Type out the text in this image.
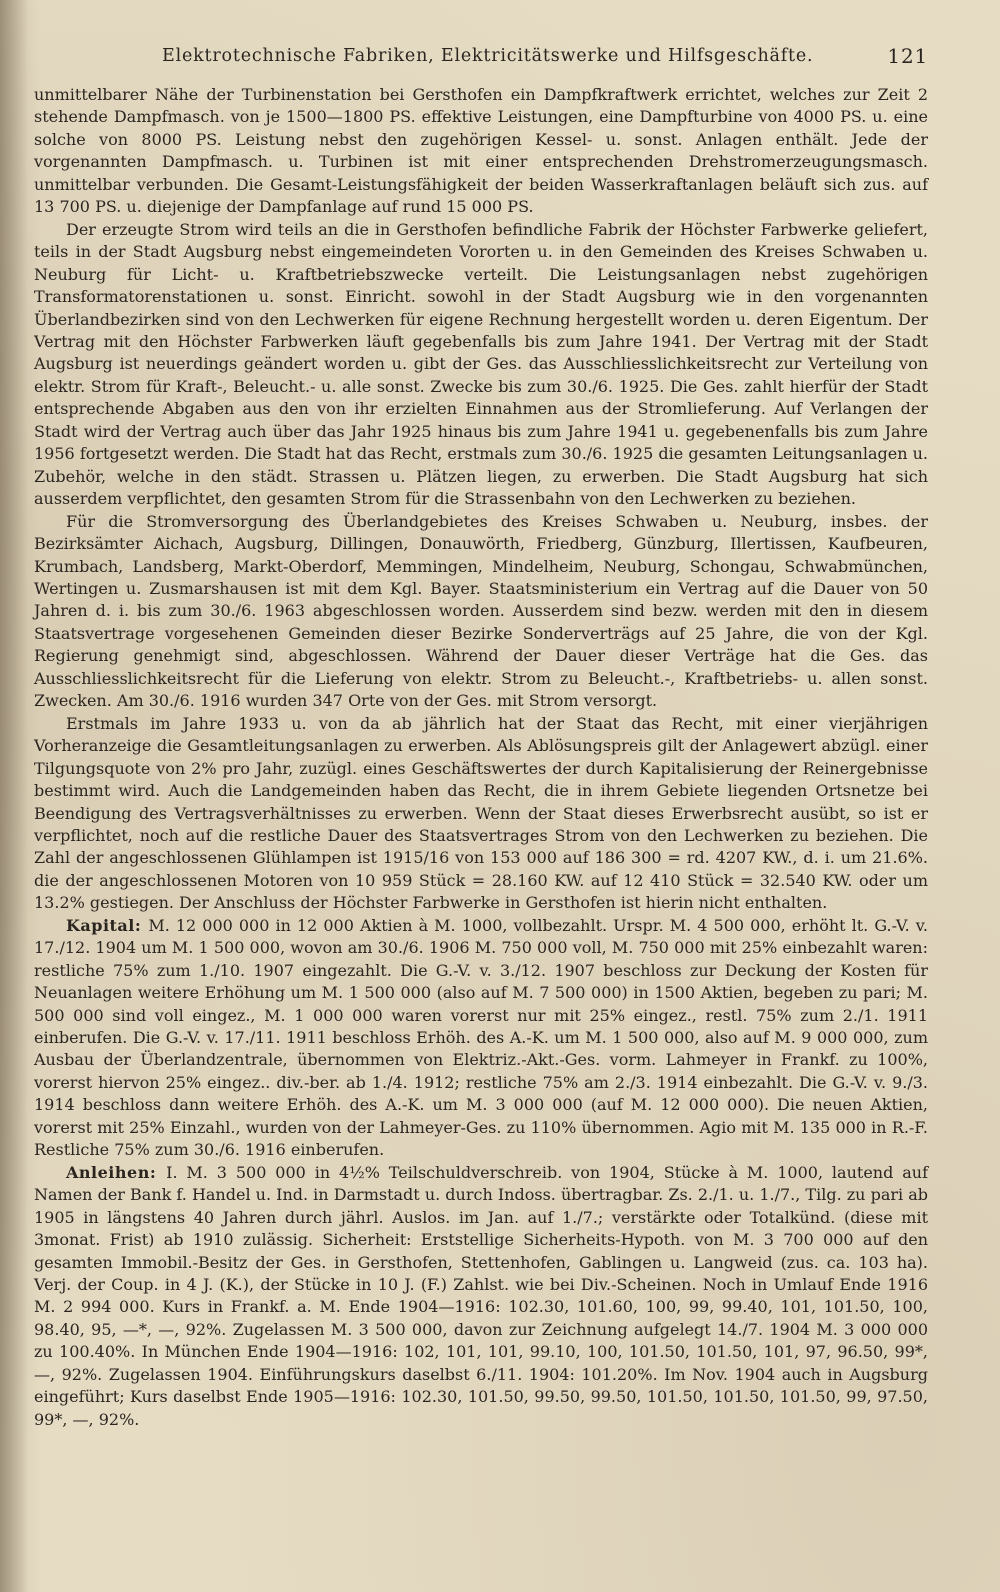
Elektrotechnische Fabriken, Elektricitätswerke und Hilfsgeschäfte.	121

unmittelbarer Nähe der Turbinenstation bei Gersthofen ein Dampfkraftwerk errichtet, welches zur Zeit 2 stehende Dampfmasch. von je 1500—1800 PS. effektive Leistungen, eine Dampfturbine von 4000 PS. u. eine solche von 8000 PS. Leistung nebst den zugehörigen Kessel- u. sonst. Anlagen enthält. Jede der vorgenannten Dampfmasch. u. Turbinen ist mit einer entsprechenden Drehstromerzeugungsmasch. unmittelbar verbunden. Die Gesamt-Leistungsfähigkeit der beiden Wasserkraftanlagen beläuft sich zus. auf 13 700 PS. u. diejenige der Dampfanlage auf rund 15 000 PS.

Der erzeugte Strom wird teils an die in Gersthofen befindliche Fabrik der Höchster Farbwerke geliefert, teils in der Stadt Augsburg nebst eingemeindeten Vororten u. in den Gemeinden des Kreises Schwaben u. Neuburg für Licht- u. Kraftbetriebszwecke verteilt. Die Leistungsanlagen nebst zugehörigen Transformatorenstationen u. sonst. Einricht. sowohl in der Stadt Augsburg wie in den vorgenannten Überlandbezirken sind von den Lechwerken für eigene Rechnung hergestellt worden u. deren Eigentum. Der Vertrag mit den Höchster Farbwerken läuft gegebenfalls bis zum Jahre 1941. Der Vertrag mit der Stadt Augsburg ist neuerdings geändert worden u. gibt der Ges. das Ausschliesslichkeitsrecht zur Verteilung von elektr. Strom für Kraft-, Beleucht.- u. alle sonst. Zwecke bis zum 30./6. 1925. Die Ges. zahlt hierfür der Stadt entsprechende Abgaben aus den von ihr erzielten Einnahmen aus der Stromlieferung. Auf Verlangen der Stadt wird der Vertrag auch über das Jahr 1925 hinaus bis zum Jahre 1941 u. gegebenenfalls bis zum Jahre 1956 fortgesetzt werden. Die Stadt hat das Recht, erstmals zum 30./6. 1925 die gesamten Leitungsanlagen u. Zubehör, welche in den städt. Strassen u. Plätzen liegen, zu erwerben. Die Stadt Augsburg hat sich ausserdem verpflichtet, den gesamten Strom für die Strassenbahn von den Lechwerken zu beziehen.

Für die Stromversorgung des Überlandgebietes des Kreises Schwaben u. Neuburg, insbes. der Bezirksämter Aichach, Augsburg, Dillingen, Donauwörth, Friedberg, Günzburg, Illertissen, Kaufbeuren, Krumbach, Landsberg, Markt-Oberdorf, Memmingen, Mindelheim, Neuburg, Schongau, Schwabmünchen, Wertingen u. Zusmarshausen ist mit dem Kgl. Bayer. Staatsministerium ein Vertrag auf die Dauer von 50 Jahren d. i. bis zum 30./6. 1963 abgeschlossen worden. Ausserdem sind bezw. werden mit den in diesem Staatsvertrage vorgesehenen Gemeinden dieser Bezirke Sonderverträgs auf 25 Jahre, die von der Kgl. Regierung genehmigt sind, abgeschlossen. Während der Dauer dieser Verträge hat die Ges. das Ausschliesslichkeitsrecht für die Lieferung von elektr. Strom zu Beleucht.-, Kraftbetriebs- u. allen sonst. Zwecken. Am 30./6. 1916 wurden 347 Orte von der Ges. mit Strom versorgt.

Erstmals im Jahre 1933 u. von da ab jährlich hat der Staat das Recht, mit einer vierjährigen Vorheranzeige die Gesamtleitungsanlagen zu erwerben. Als Ablösungspreis gilt der Anlagewert abzügl. einer Tilgungsquote von 2% pro Jahr, zuzügl. eines Geschäftswertes der durch Kapitalisierung der Reinergebnisse bestimmt wird. Auch die Landgemeinden haben das Recht, die in ihrem Gebiete liegenden Ortsnetze bei Beendigung des Vertragsverhältnisses zu erwerben. Wenn der Staat dieses Erwerbsrecht ausübt, so ist er verpflichtet, noch auf die restliche Dauer des Staatsvertrages Strom von den Lechwerken zu beziehen. Die Zahl der angeschlossenen Glühlampen ist 1915/16 von 153 000 auf 186 300 = rd. 4207 KW., d. i. um 21.6%. die der angeschlossenen Motoren von 10 959 Stück = 28.160 KW. auf 12 410 Stück = 32.540 KW. oder um 13.2% gestiegen. Der Anschluss der Höchster Farbwerke in Gersthofen ist hierin nicht enthalten.

Kapital: M. 12 000 000 in 12 000 Aktien à M. 1000, vollbezahlt. Urspr. M. 4 500 000, erhöht lt. G.-V. v. 17./12. 1904 um M. 1 500 000, wovon am 30./6. 1906 M. 750 000 voll, M. 750 000 mit 25% einbezahlt waren: restliche 75% zum 1./10. 1907 eingezahlt. Die G.-V. v. 3./12. 1907 beschloss zur Deckung der Kosten für Neuanlagen weitere Erhöhung um M. 1 500 000 (also auf M. 7 500 000) in 1500 Aktien, begeben zu pari; M. 500 000 sind voll eingez., M. 1 000 000 waren vorerst nur mit 25% eingez., restl. 75% zum 2./1. 1911 einberufen. Die G.-V. v. 17./11. 1911 beschloss Erhöh. des A.-K. um M. 1 500 000, also auf M. 9 000 000, zum Ausbau der Überlandzentrale, übernommen von Elektriz.-Akt.-Ges. vorm. Lahmeyer in Frankf. zu 100%, vorerst hiervon 25% eingez.. div.-ber. ab 1./4. 1912; restliche 75% am 2./3. 1914 einbezahlt. Die G.-V. v. 9./3. 1914 beschloss dann weitere Erhöh. des A.-K. um M. 3 000 000 (auf M. 12 000 000). Die neuen Aktien, vorerst mit 25% Einzahl., wurden von der Lahmeyer-Ges. zu 110% übernommen. Agio mit M. 135 000 in R.-F. Restliche 75% zum 30./6. 1916 einberufen.

Anleihen: I. M. 3 500 000 in 4½% Teilschuldverschreib. von 1904, Stücke à M. 1000, lautend auf Namen der Bank f. Handel u. Ind. in Darmstadt u. durch Indoss. übertragbar. Zs. 2./1. u. 1./7., Tilg. zu pari ab 1905 in längstens 40 Jahren durch jährl. Auslos. im Jan. auf 1./7.; verstärkte oder Totalkünd. (diese mit 3monat. Frist) ab 1910 zulässig. Sicherheit: Erststellige Sicherheits-Hypoth. von M. 3 700 000 auf den gesamten Immobil.-Besitz der Ges. in Gersthofen, Stettenhofen, Gablingen u. Langweid (zus. ca. 103 ha). Verj. der Coup. in 4 J. (K.), der Stücke in 10 J. (F.) Zahlst. wie bei Div.-Scheinen. Noch in Umlauf Ende 1916 M. 2 994 000. Kurs in Frankf. a. M. Ende 1904—1916: 102.30, 101.60, 100, 99, 99.40, 101, 101.50, 100, 98.40, 95, —*, —, 92%. Zugelassen M. 3 500 000, davon zur Zeichnung aufgelegt 14./7. 1904 M. 3 000 000 zu 100.40%. In München Ende 1904—1916: 102, 101, 101, 99.10, 100, 101.50, 101.50, 101, 97, 96.50, 99*, —, 92%. Zugelassen 1904. Einführungskurs daselbst 6./11. 1904: 101.20%. Im Nov. 1904 auch in Augsburg eingeführt; Kurs daselbst Ende 1905—1916: 102.30, 101.50, 99.50, 99.50, 101.50, 101.50, 101.50, 99, 97.50, 99*, —, 92%.
